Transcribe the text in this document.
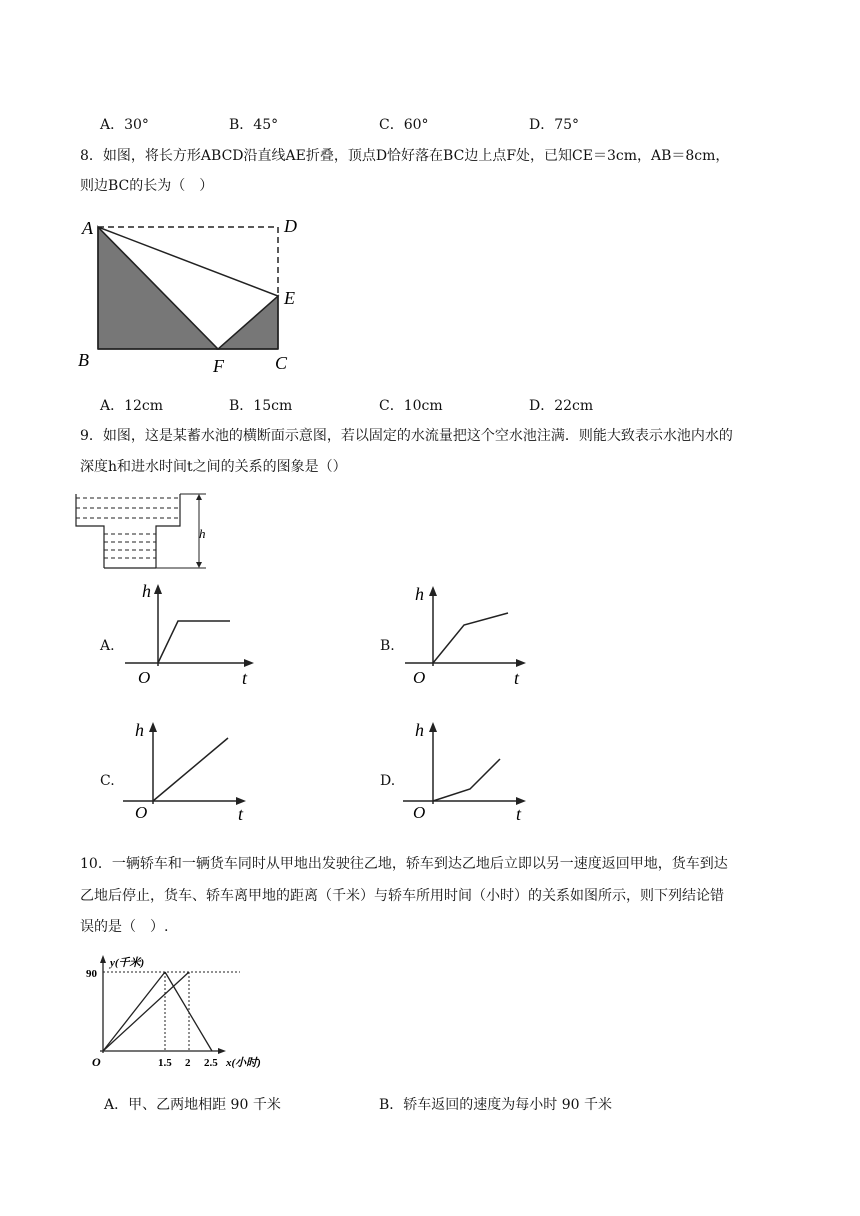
A．30°	B．45°	C．60°	D．75°
8．如图，将长方形ABCD沿直线AE折叠，顶点D恰好落在BC边上点F处，已知CE＝3cm，AB＝8cm，
则边BC的长为（　）
A	D
E
B	F	C
A．12cm	B．15cm	C．10cm	D．22cm
9．如图，这是某蓄水池的横断面示意图，若以固定的水流量把这个空水池注满．则能大致表示水池内水的
深度h和进水时间t之间的关系的图象是（）
h
A.
h
O	t
B.
h
O	t
C.
h
O	t
D.
h
O	t
10．一辆轿车和一辆货车同时从甲地出发驶往乙地，轿车到达乙地后立即以另一速度返回甲地，货车到达
乙地后停止，货车、轿车离甲地的距离（千米）与轿车所用时间（小时）的关系如图所示，则下列结论错
误的是（　）.
y(千米)
90
O	1.5 2 2.5 x(小时)
A．甲、乙两地相距 90 千米	B．轿车返回的速度为每小时 90 千米
